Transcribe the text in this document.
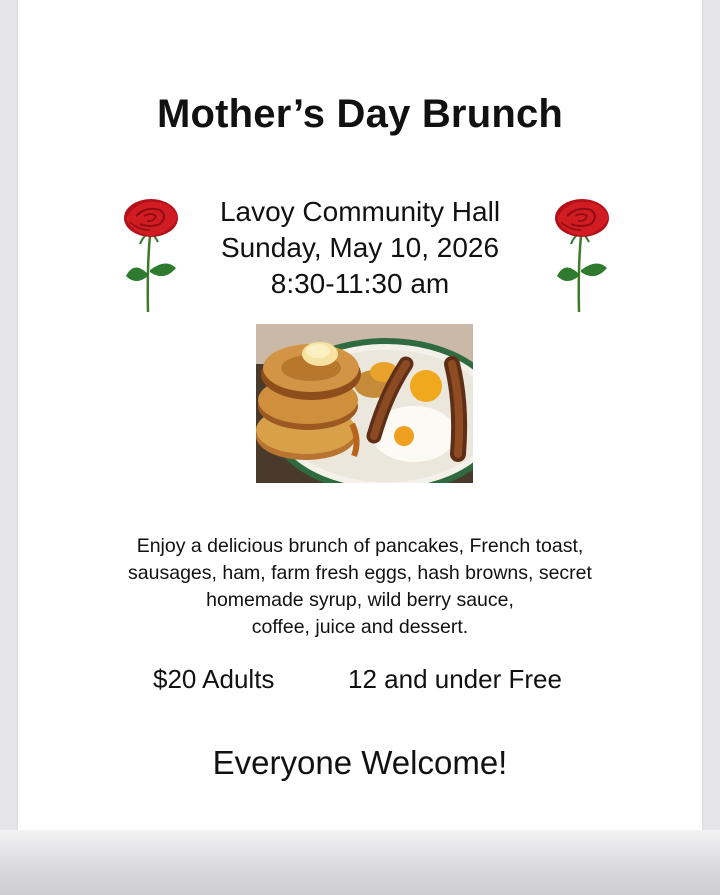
Mother’s Day Brunch
Lavoy Community Hall
Sunday, May 10, 2026
8:30-11:30 am
Enjoy a delicious brunch of pancakes, French toast,
sausages, ham, farm fresh eggs, hash browns, secret
homemade syrup, wild berry sauce,
coffee, juice and dessert.
$20 Adults	12 and under Free
Everyone Welcome!
